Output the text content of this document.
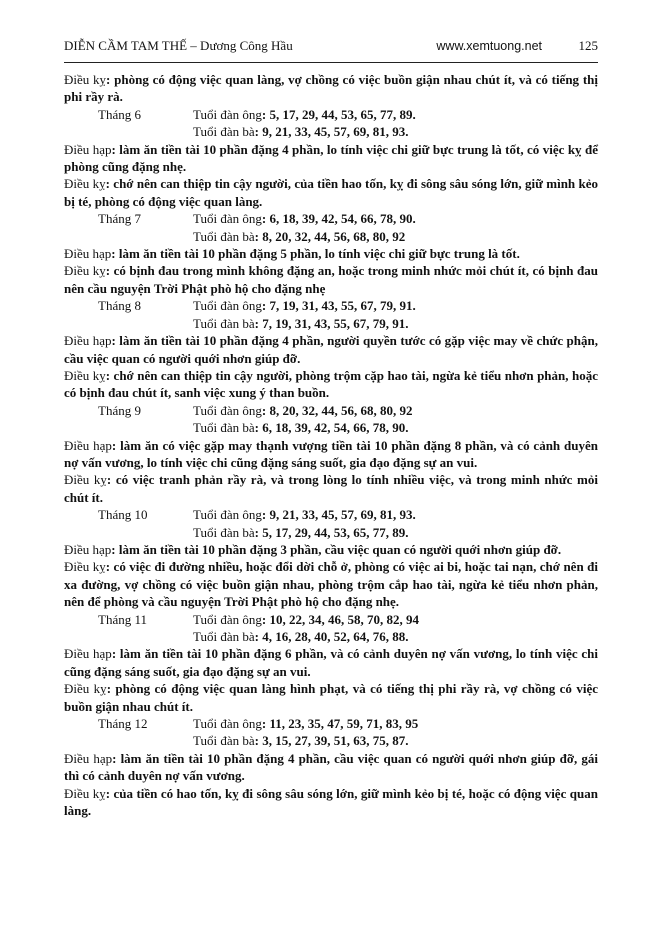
DIỄN CẦM TAM THẾ – Dương Công Hầu	www.xemtuong.net	125

Điều kỵ: phòng có động việc quan làng, vợ chồng có việc buồn giận nhau chút ít, và có tiếng thị phi rầy rà.

Tháng 6	Tuổi đàn ông: 5, 17, 29, 44, 53, 65, 77, 89.
Tuổi đàn bà: 9, 21, 33, 45, 57, 69, 81, 93.

Điều hạp: làm ăn tiền tài 10 phần đặng 4 phần, lo tính việc chi giữ bực trung là tốt, có việc kỵ để phòng cũng đặng nhẹ.

Điều kỵ: chớ nên can thiệp tin cậy người, của tiền hao tốn, kỵ đi sông sâu sóng lớn, giữ mình kẻo bị té, phòng có động việc quan làng.

Tháng 7	Tuổi đàn ông: 6, 18, 39, 42, 54, 66, 78, 90.
Tuổi đàn bà: 8, 20, 32, 44, 56, 68, 80, 92

Điều hạp: làm ăn tiền tài 10 phần đặng 5 phần, lo tính việc chi giữ bực trung là tốt.

Điều kỵ: có bịnh đau trong mình không đặng an, hoặc trong minh nhức mỏi chút ít, có bịnh đau nên cầu nguyện Trời Phật phò hộ cho đặng nhẹ

Tháng 8	Tuổi đàn ông: 7, 19, 31, 43, 55, 67, 79, 91.
Tuổi đàn bà: 7, 19, 31, 43, 55, 67, 79, 91.

Điều hạp: làm ăn tiền tài 10 phần đặng 4 phần, người quyền tước có gặp việc may về chức phận, cầu việc quan có người quới nhơn giúp đỡ.

Điều kỵ: chớ nên can thiệp tin cậy người, phòng trộm cặp hao tài, ngừa kẻ tiểu nhơn phản, hoặc có bịnh đau chút ít, sanh việc xung ý than buồn.

Tháng 9	Tuổi đàn ông: 8, 20, 32, 44, 56, 68, 80, 92
Tuổi đàn bà: 6, 18, 39, 42, 54, 66, 78, 90.

Điều hạp: làm ăn có việc gặp may thạnh vượng tiền tài 10 phần đặng 8 phần, và có cảnh duyên nợ vấn vương, lo tính việc chi cũng đặng sáng suốt, gia đạo đặng sự an vui.

Điều kỵ: có việc tranh phản rầy rà, và trong lòng lo tính nhiều việc, và trong minh nhức mỏi chút ít.

Tháng 10	Tuổi đàn ông: 9, 21, 33, 45, 57, 69, 81, 93.
Tuổi đàn bà: 5, 17, 29, 44, 53, 65, 77, 89.

Điều hạp: làm ăn tiền tài 10 phần đặng 3 phần, cầu việc quan có người quới nhơn giúp đỡ.

Điều kỵ: có việc đi đường nhiều, hoặc đổi dời chỗ ở, phòng có việc ai bi, hoặc tai nạn, chớ nên đi xa đường, vợ chồng có việc buồn giận nhau, phòng trộm cắp hao tài, ngừa kẻ tiểu nhơn phản, nên để phòng và cầu nguyện Trời Phật phò hộ cho đặng nhẹ.

Tháng 11	Tuổi đàn ông: 10, 22, 34, 46, 58, 70, 82, 94
Tuổi đàn bà: 4, 16, 28, 40, 52, 64, 76, 88.

Điều hạp: làm ăn tiền tài 10 phần đặng 6 phần, và có cảnh duyên nợ vấn vương, lo tính việc chi cũng đặng sáng suốt, gia đạo đặng sự an vui.

Điều kỵ: phòng có động việc quan làng hình phạt, và có tiếng thị phi rầy rà, vợ chồng có việc buồn giận nhau chút ít.

Tháng 12	Tuổi đàn ông: 11, 23, 35, 47, 59, 71, 83, 95
Tuổi đàn bà: 3, 15, 27, 39, 51, 63, 75, 87.

Điều hạp: làm ăn tiền tài 10 phần đặng 4 phần, cầu việc quan có người quới nhơn giúp đỡ, gái thì có cảnh duyên nợ vấn vương.

Điều kỵ: của tiền có hao tốn, kỵ đi sông sâu sóng lớn, giữ mình kẻo bị té, hoặc có động việc quan làng.
